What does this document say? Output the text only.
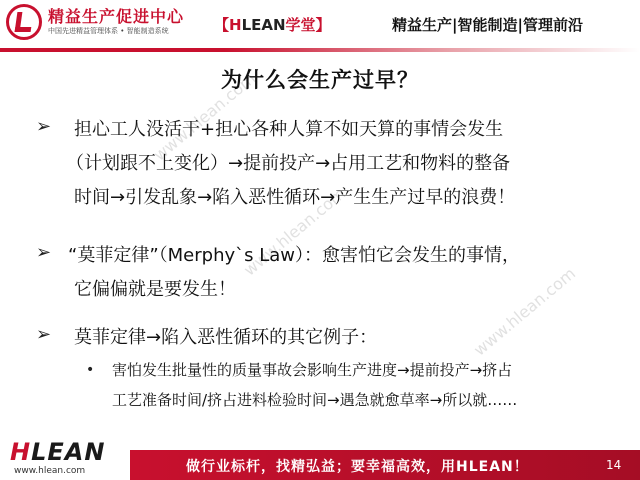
精益生产促进中心
中国先进精益管理体系 • 智能制造系统	【HLEAN学堂】	精益生产|智能制造|管理前沿
www.hlean.com
www.hlean.com
www.hlean.com
为什么会生产过早？
➢ 担心工人没活干+担心各种人算不如天算的事情会发生
（计划跟不上变化）→提前投产→占用工艺和物料的整备
时间→引发乱象→陷入恶性循环→产生生产过早的浪费！
➢ “莫菲定律”（Merphy`s Law）：愈害怕它会发生的事情，
它偏偏就是要发生！
➢ 莫菲定律→陷入恶性循环的其它例子：
• 害怕发生批量性的质量事故会影响生产进度→提前投产→挤占
工艺准备时间/挤占进料检验时间→遇急就愈草率→所以就……
HLEAN
www.hlean.com	做行业标杆，找精弘益；要幸福高效，用HLEAN！	14
